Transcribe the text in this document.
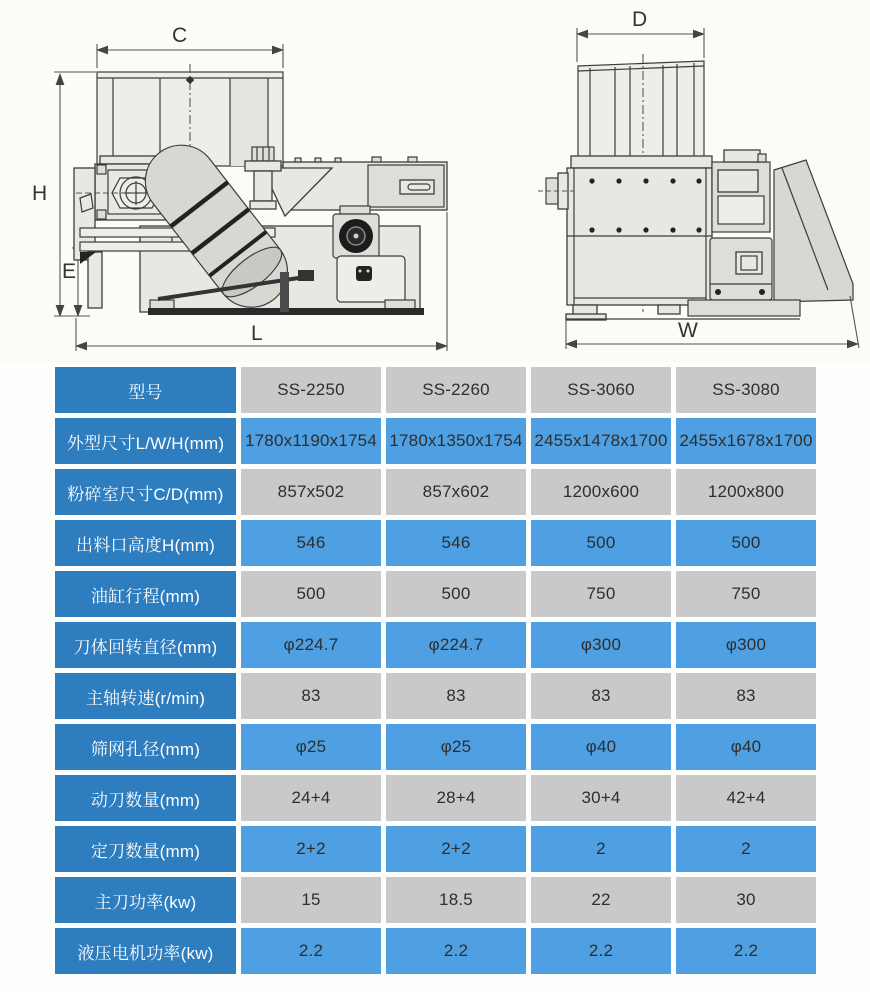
C
H
E
L
D
W
型号	SS-2250	SS-2260	SS-3060	SS-3080
外型尺寸L/W/H(mm)	1780x1190x1754 1780x1350x1754 2455x1478x1700 2455x1678x1700
粉碎室尺寸C/D(mm)	857x502	857x602	1200x600	1200x800
出料口高度H(mm)	546	546	500	500
油缸行程(mm)	500	500	750	750
刀体回转直径(mm)	φ224.7	φ224.7	φ300	φ300
主轴转速(r/min)	83	83	83	83
筛网孔径(mm)	φ25	φ25	φ40	φ40
动刀数量(mm)	24+4	28+4	30+4	42+4
定刀数量(mm)	2+2	2+2	2	2
主刀功率(kw)	15	18.5	22	30
液压电机功率(kw)	2.2	2.2	2.2	2.2
